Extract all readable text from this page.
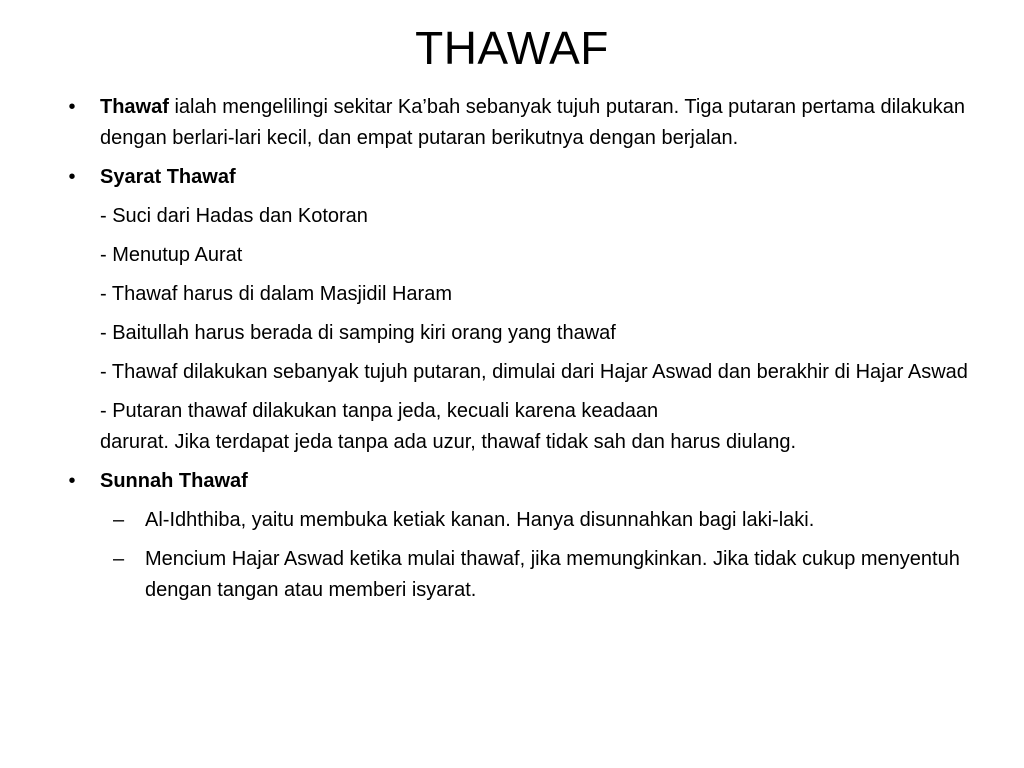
THAWAF
•	Thawaf ialah mengelilingi sekitar Ka’bah sebanyak tujuh putaran. Tiga putaran pertama dilakukan dengan berlari-lari kecil, dan empat putaran berikutnya dengan berjalan.
•	Syarat Thawaf
- Suci dari Hadas dan Kotoran
- Menutup Aurat
- Thawaf harus di dalam Masjidil Haram
- Baitullah harus berada di samping kiri orang yang thawaf
- Thawaf dilakukan sebanyak tujuh putaran, dimulai dari Hajar Aswad dan berakhir di Hajar Aswad
- Putaran thawaf dilakukan tanpa jeda, kecuali karena keadaan
darurat. Jika terdapat jeda tanpa ada uzur, thawaf tidak sah dan harus diulang.
•	Sunnah Thawaf
– Al-Idhthiba, yaitu membuka ketiak kanan. Hanya disunnahkan bagi laki-laki.
– Mencium Hajar Aswad ketika mulai thawaf, jika memungkinkan. Jika tidak cukup menyentuh dengan tangan atau memberi isyarat.
